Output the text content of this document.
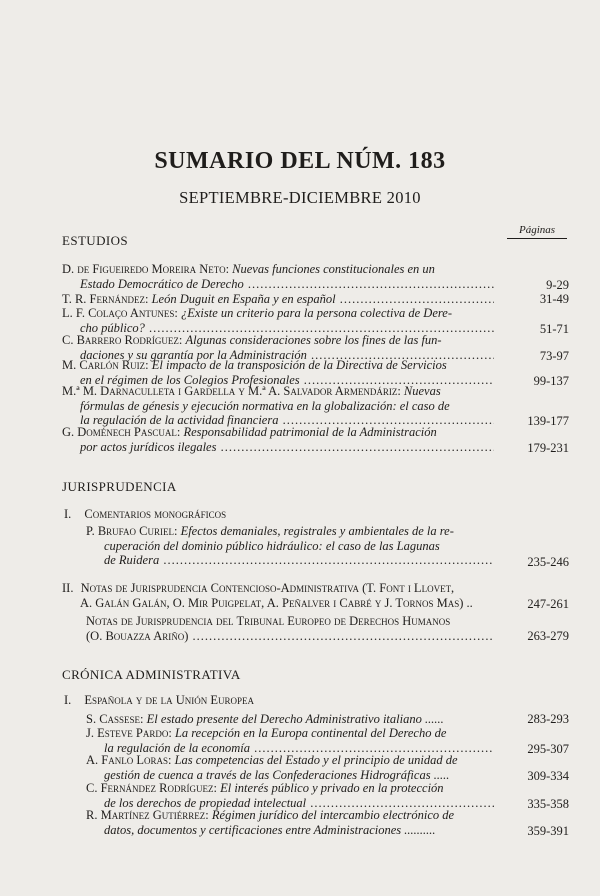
SUMARIO DEL NÚM. 183
SEPTIEMBRE-DICIEMBRE 2010
Páginas
ESTUDIOS
D. de Figueiredo Moreira Neto: Nuevas funciones constitucionales en un
Estado Democrático de Derecho .....	9-29
T. R. Fernández: León Duguit en España y en español .....	31-49
L. F. Colaço Antunes: ¿Existe un criterio para la persona colectiva de Dere-
cho público? .....	51-71
C. Barrero Rodríguez: Algunas consideraciones sobre los fines de las fun-
daciones y su garantía por la Administración .....	73-97
M. Carlón Ruiz: El impacto de la transposición de la Directiva de Servicios
en el régimen de los Colegios Profesionales .....	99-137
M.ª M. Darnaculleta i Gardella y M.ª A. Salvador Armendáriz: Nuevas
fórmulas de génesis y ejecución normativa en la globalización: el caso de
la regulación de la actividad financiera .....	139-177
G. Doménech Pascual: Responsabilidad patrimonial de la Administración
por actos jurídicos ilegales .....	179-231
JURISPRUDENCIA
I. Comentarios monográficos
P. Brufao Curiel: Efectos demaniales, registrales y ambientales de la re-
cuperación del dominio público hidráulico: el caso de las Lagunas
de Ruidera .....	235-246
II. Notas de Jurisprudencia Contencioso-Administrativa (T. Font i Llovet,
A. Galán Galán, O. Mir Puigpelat, A. Peñalver i Cabré y J. Tornos Mas) ..	247-261
Notas de Jurisprudencia del Tribunal Europeo de Derechos Humanos
(O. Bouazza Ariño) .....	263-279
CRÓNICA ADMINISTRATIVA
I. Española y de la Unión Europea
S. Cassese: El estado presente del Derecho Administrativo italiano ......	283-293
J. Esteve Pardo: La recepción en la Europa continental del Derecho de
la regulación de la economía .....	295-307
A. Fanlo Loras: Las competencias del Estado y el principio de unidad de
gestión de cuenca a través de las Confederaciones Hidrográficas .....	309-334
C. Fernández Rodríguez: El interés público y privado en la protección
de los derechos de propiedad intelectual .....	335-358
R. Martínez Gutiérrez: Régimen jurídico del intercambio electrónico de
datos, documentos y certificaciones entre Administraciones ..........	359-391
